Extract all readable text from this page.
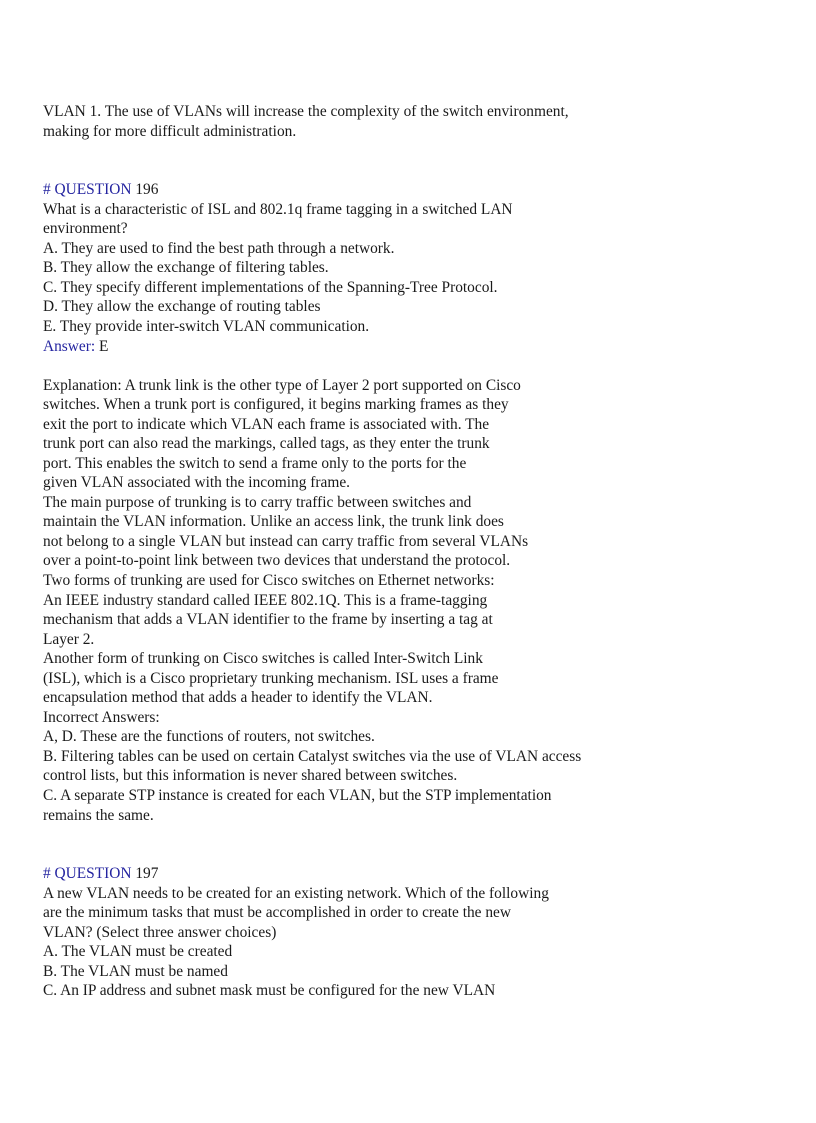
VLAN 1. The use of VLANs will increase the complexity of the switch environment,
making for more difficult administration.
# QUESTION 196
What is a characteristic of ISL and 802.1q frame tagging in a switched LAN
environment?
A. They are used to find the best path through a network.
B. They allow the exchange of filtering tables.
C. They specify different implementations of the Spanning-Tree Protocol.
D. They allow the exchange of routing tables
E. They provide inter-switch VLAN communication.
Answer: E
Explanation: A trunk link is the other type of Layer 2 port supported on Cisco
switches. When a trunk port is configured, it begins marking frames as they
exit the port to indicate which VLAN each frame is associated with. The
trunk port can also read the markings, called tags, as they enter the trunk
port. This enables the switch to send a frame only to the ports for the
given VLAN associated with the incoming frame.
The main purpose of trunking is to carry traffic between switches and
maintain the VLAN information. Unlike an access link, the trunk link does
not belong to a single VLAN but instead can carry traffic from several VLANs
over a point-to-point link between two devices that understand the protocol.
Two forms of trunking are used for Cisco switches on Ethernet networks:
An IEEE industry standard called IEEE 802.1Q. This is a frame-tagging
mechanism that adds a VLAN identifier to the frame by inserting a tag at
Layer 2.
Another form of trunking on Cisco switches is called Inter-Switch Link
(ISL), which is a Cisco proprietary trunking mechanism. ISL uses a frame
encapsulation method that adds a header to identify the VLAN.
Incorrect Answers:
A, D. These are the functions of routers, not switches.
B. Filtering tables can be used on certain Catalyst switches via the use of VLAN access
control lists, but this information is never shared between switches.
C. A separate STP instance is created for each VLAN, but the STP implementation
remains the same.
# QUESTION 197
A new VLAN needs to be created for an existing network. Which of the following
are the minimum tasks that must be accomplished in order to create the new
VLAN? (Select three answer choices)
A. The VLAN must be created
B. The VLAN must be named
C. An IP address and subnet mask must be configured for the new VLAN
